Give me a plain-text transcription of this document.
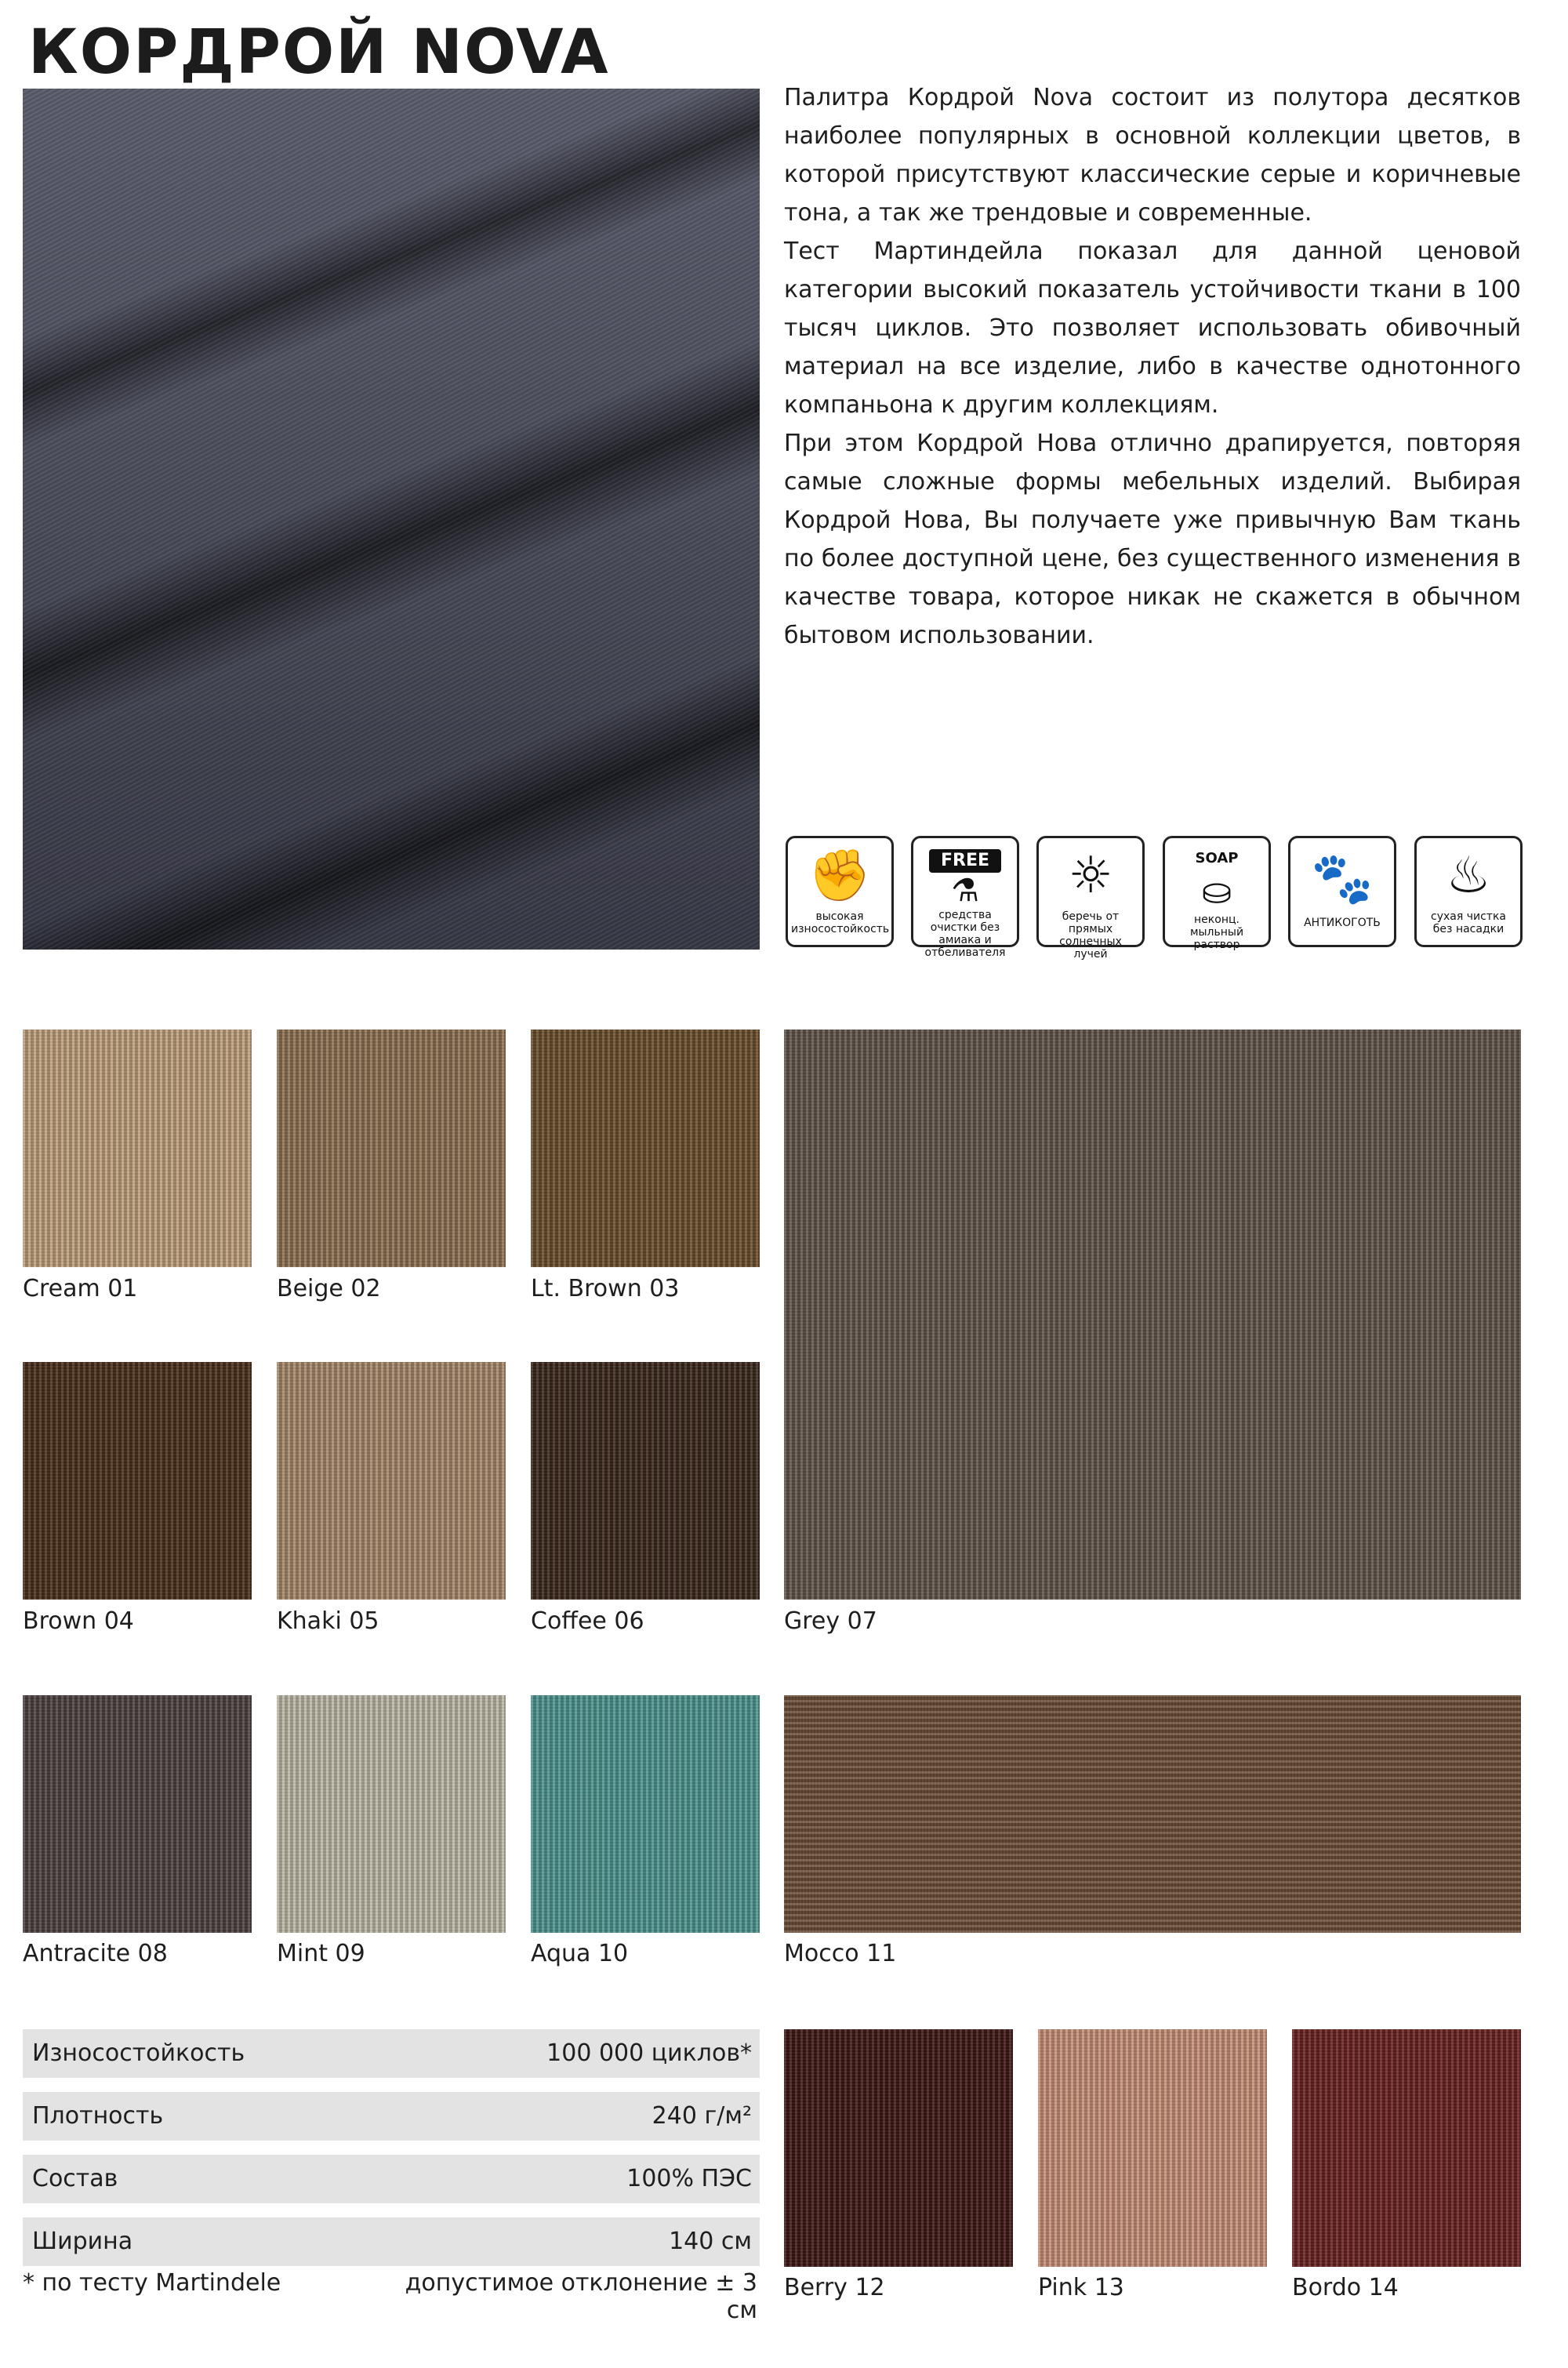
КОРДРОЙ NOVA

Палитра Кордрой Nova состоит из полутора десятков наиболее популярных в основной коллекции цветов, в которой присутствуют классические серые и коричневые тона, а так же трендовые и современные.

Тест Мартиндейла показал для данной ценовой категории высокий показатель устойчивости ткани в 100 тысяч циклов. Это позволяет использовать обивочный материал на все изделие, либо в качестве однотонного компаньона к другим коллекциям.

При этом Кордрой Нова отлично драпируется, повторяя самые сложные формы мебельных изделий. Выбирая Кордрой Нова, Вы получаете уже привычную Вам ткань по более доступной цене, без существенного изменения в качестве товара, которое никак не скажется в обычном бытовом использовании.

✊
высокая износостойкость
FREE
⚗
средства очистки без амиака и отбеливателя
☼
беречь от прямых солнечных лучей
SOAP
⛀
неконц. мыльный раствор
🐾
АНТИКОГОТЬ
♨
сухая чистка без насадки
Cream 01	Beige 02	Lt. Brown 03
Brown 04	Khaki 05	Coffee 06	Grey 07
Antracite 08	Mint 09	Aqua 10	Mocco 11
Износостойкость	100 000 циклов*
Плотность	240 г/м²
Состав	100% ПЭС
Ширина	140 см
* по тесту Martindele	допустимое отклонение ± 3 см
Berry 12	Pink 13	Bordo 14
